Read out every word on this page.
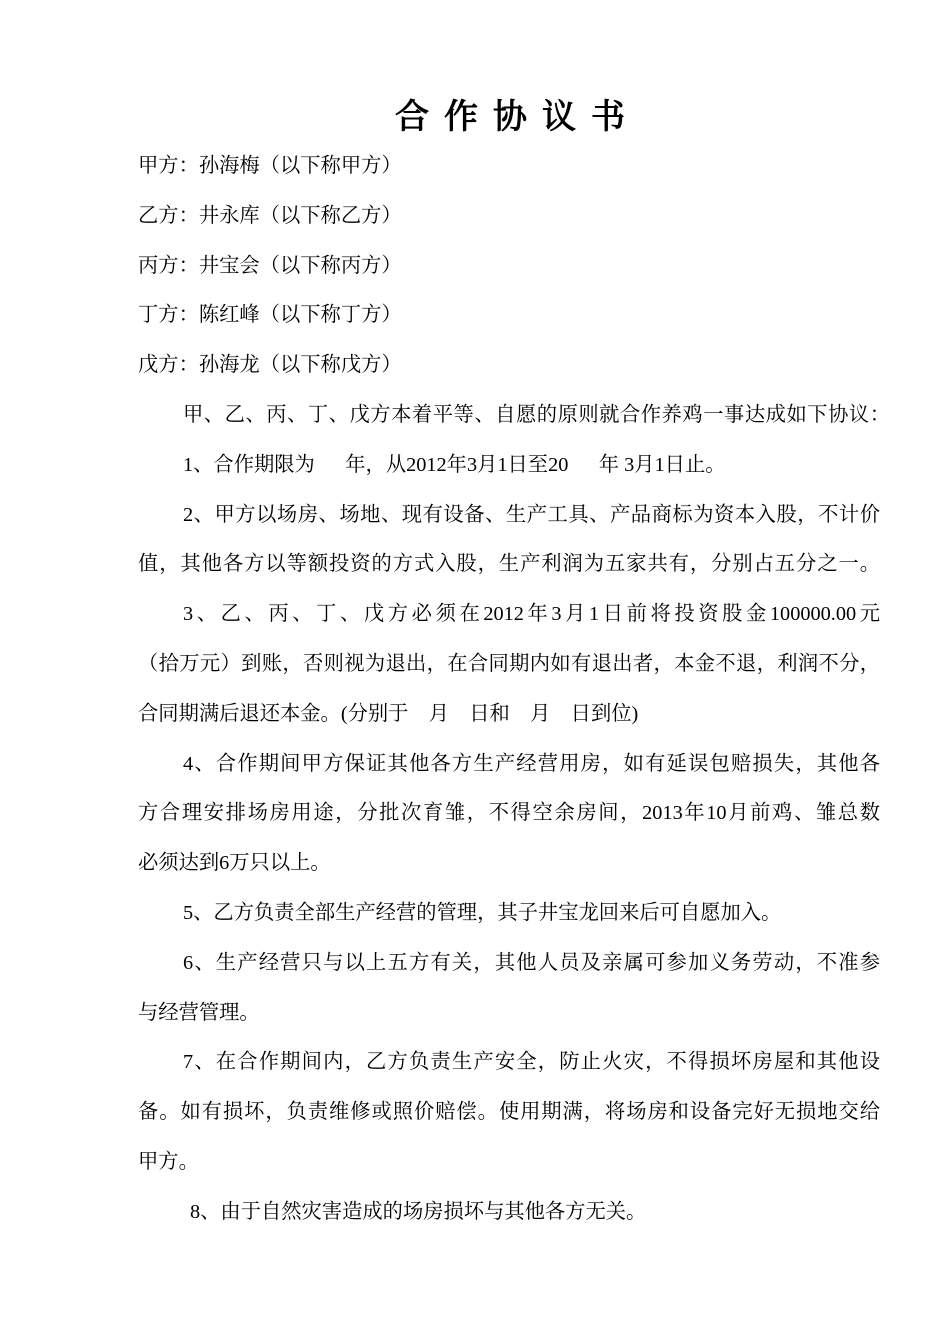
合作协议书
甲方：孙海梅（以下称甲方）
乙方：井永库（以下称乙方）
丙方：井宝会（以下称丙方）
丁方：陈红峰（以下称丁方）
戊方：孙海龙（以下称戊方）
甲、乙、丙、丁、戊方本着平等、自愿的原则就合作养鸡一事达成如下协议：
1、合作期限为      年，从2012年3月1日至20      年 3月1日止。
2、甲方以场房、场地、现有设备、生产工具、产品商标为资本入股，不计价
值，其他各方以等额投资的方式入股，生产利润为五家共有，分别占五分之一。
3、乙、丙、丁、戊方必须在2012年3月1日前将投资股金100000.00元
（拾万元）到账，否则视为退出，在合同期内如有退出者，本金不退，利润不分，
合同期满后退还本金。(分别于    月    日和    月    日到位)
4、合作期间甲方保证其他各方生产经营用房，如有延误包赔损失，其他各
方合理安排场房用途，分批次育雏，不得空余房间，2013年10月前鸡、雏总数
必须达到6万只以上。
5、乙方负责全部生产经营的管理，其子井宝龙回来后可自愿加入。
6、生产经营只与以上五方有关，其他人员及亲属可参加义务劳动，不准参
与经营管理。
7、在合作期间内，乙方负责生产安全，防止火灾，不得损坏房屋和其他设
备。如有损坏，负责维修或照价赔偿。使用期满，将场房和设备完好无损地交给
甲方。
8、由于自然灾害造成的场房损坏与其他各方无关。
